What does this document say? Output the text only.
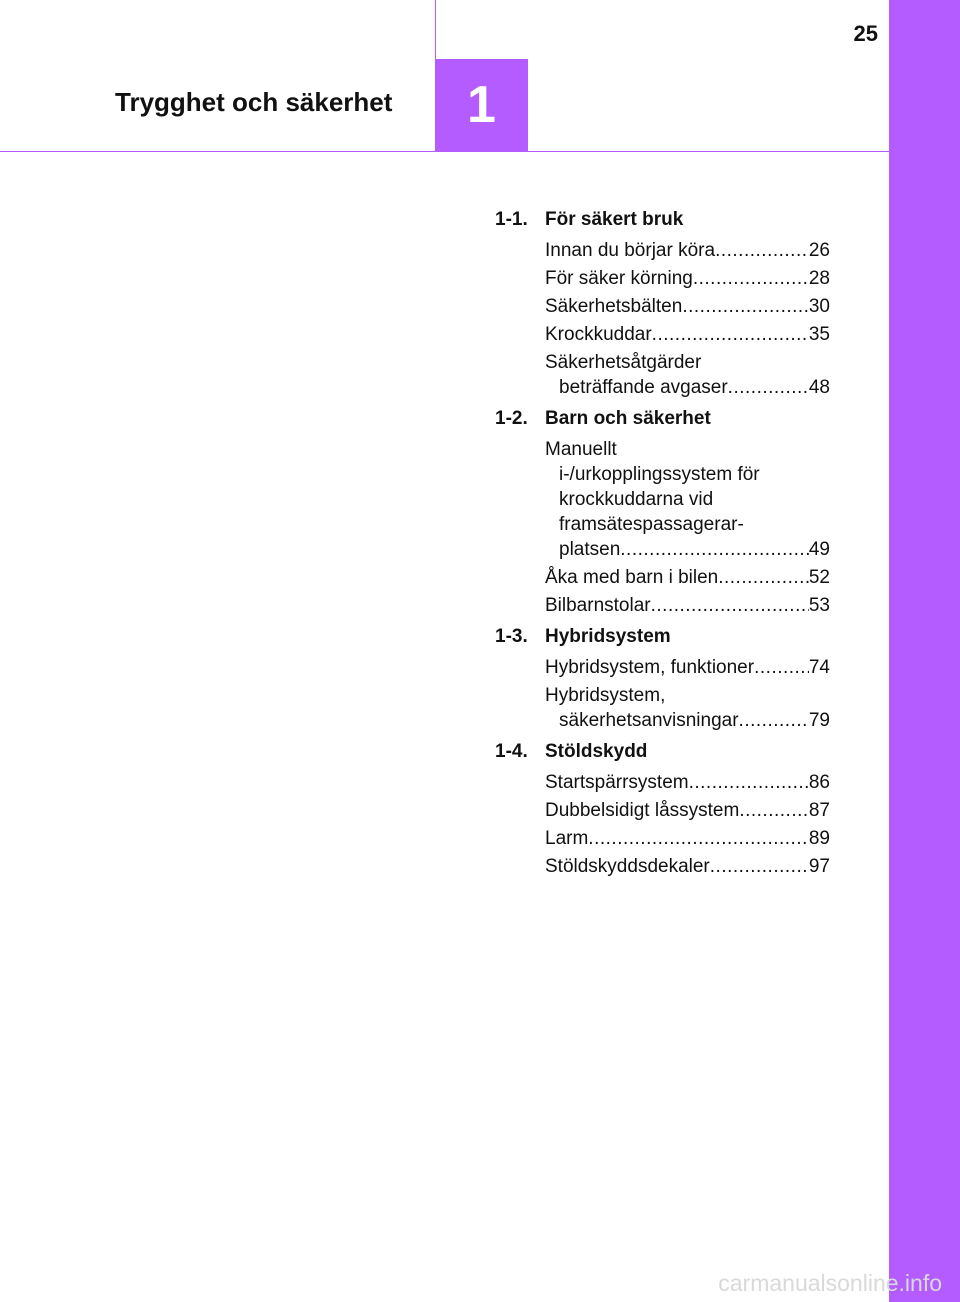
25
Trygghet och säkerhet	1
1-1. För säkert bruk
Innan du börjar köra .....	26
För säker körning .....	28
Säkerhetsbälten .....	30
Krockkuddar .....	35
Säkerhetsåtgärder
beträffande avgaser .....	48
1-2. Barn och säkerhet
Manuellt
i-/urkopplingssystem för
krockkuddarna vid
framsätespassagerar-
platsen .....	49
Åka med barn i bilen .....	52
Bilbarnstolar .....	53
1-3. Hybridsystem
Hybridsystem, funktioner .....	74
Hybridsystem,
säkerhetsanvisningar .....	79
1-4. Stöldskydd
Startspärrsystem .....	86
Dubbelsidigt låssystem .....	87
Larm .....	89
Stöldskyddsdekaler .....	97
carmanualsonline.info
